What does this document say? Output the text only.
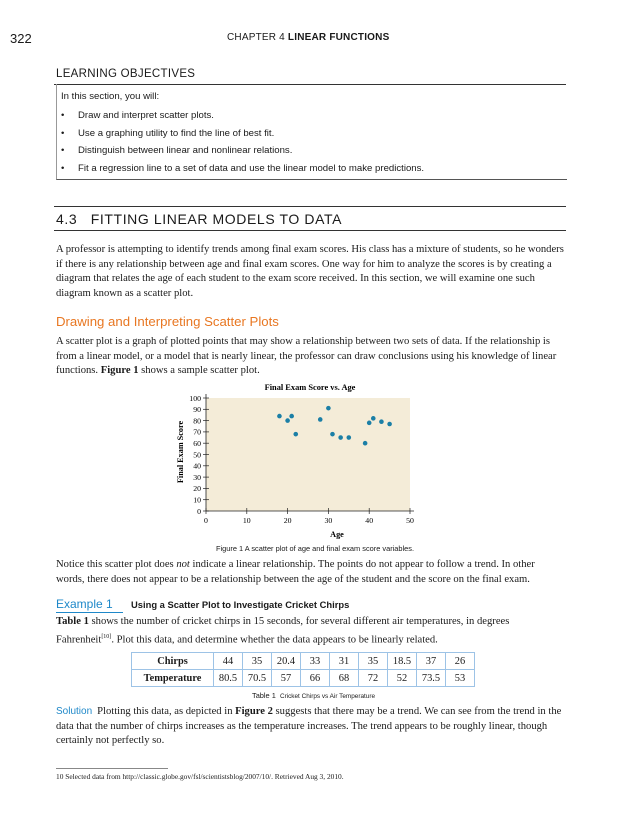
322	CHAPTER 4 LINEAR FUNCTIONS
LEARNING OBJECTIVES
In this section, you will:
• Draw and interpret scatter plots.
• Use a graphing utility to find the line of best fit.
• Distinguish between linear and nonlinear relations.
• Fit a regression line to a set of data and use the linear model to make predictions.
4.3 FITTING LINEAR MODELS TO DATA

A professor is attempting to identify trends among final exam scores. His class has a mixture of students, so he wonders if there is any relationship between age and final exam scores. One way for him to analyze the scores is by creating a diagram that relates the age of each student to the exam score received. In this section, we will examine one such diagram known as a scatter plot.

Drawing and Interpreting Scatter Plots

A scatter plot is a graph of plotted points that may show a relationship between two sets of data. If the relationship is from a linear model, or a model that is nearly linear, the professor can draw conclusions using his knowledge of linear functions. Figure 1 shows a sample scatter plot.

Final Exam Score vs. Age
0
10
20
30
40
50
60
70
80
90
100
0	10	20	30	40	50
Age
Final Exam Score
Figure 1 A scatter plot of age and final exam score variables.

Notice this scatter plot does not indicate a linear relationship. The points do not appear to follow a trend. In other words, there does not appear to be a relationship between the age of the student and the score on the final exam.

Example 1 Using a Scatter Plot to Investigate Cricket Chirps

Table 1 shows the number of cricket chirps in 15 seconds, for several different air temperatures, in degrees Fahrenheit[10]. Plot this data, and determine whether the data appears to be linearly related.

Chirps	44	35	20.4	33	31	35	18.5	37	26
Temperature	80.5	70.5	57	66	68	72	52	73.5	53
Table 1 Cricket Chirps vs Air Temperature

Solution Plotting this data, as depicted in Figure 2 suggests that there may be a trend. We can see from the trend in the data that the number of chirps increases as the temperature increases. The trend appears to be roughly linear, though certainly not perfectly so.

10 Selected data from http://classic.globe.gov/fsl/scientistsblog/2007/10/. Retrieved Aug 3, 2010.
